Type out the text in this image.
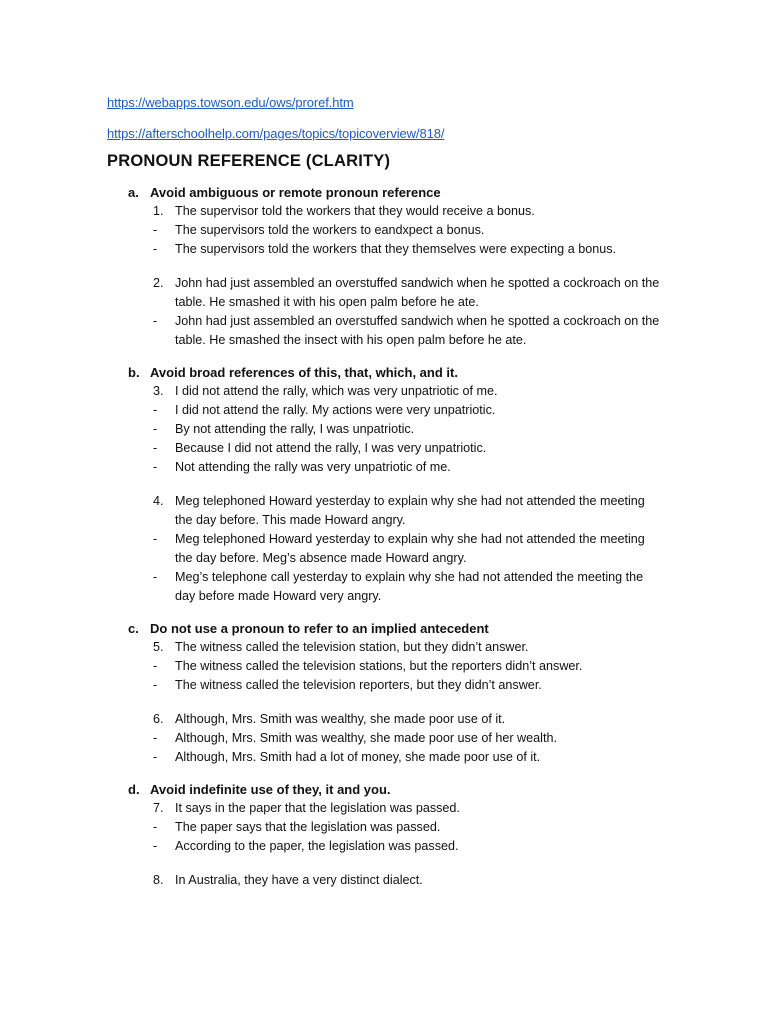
https://webapps.towson.edu/ows/proref.htm
https://afterschoolhelp.com/pages/topics/topicoverview/818/
PRONOUN REFERENCE (CLARITY)
a. Avoid ambiguous or remote pronoun reference
1. The supervisor told the workers that they would receive a bonus.
-	The supervisors told the workers to eandxpect a bonus.
-	The supervisors told the workers that they themselves were expecting a bonus.
2. John had just assembled an overstuffed sandwich when he spotted a cockroach on the table. He smashed it with his open palm before he ate.
-	John had just assembled an overstuffed sandwich when he spotted a cockroach on the table. He smashed the insect with his open palm before he ate.
b. Avoid broad references of this, that, which, and it.
3. I did not attend the rally, which was very unpatriotic of me.
-	I did not attend the rally. My actions were very unpatriotic.
-	By not attending the rally, I was unpatriotic.
-	Because I did not attend the rally, I was very unpatriotic.
-	Not attending the rally was very unpatriotic of me.
4. Meg telephoned Howard yesterday to explain why she had not attended the meeting the day before. This made Howard angry.
-	Meg telephoned Howard yesterday to explain why she had not attended the meeting the day before. Meg’s absence made Howard angry.
-	Meg’s telephone call yesterday to explain why she had not attended the meeting the day before made Howard very angry.
c. Do not use a pronoun to refer to an implied antecedent
5. The witness called the television station, but they didn’t answer.
-	The witness called the television stations, but the reporters didn’t answer.
-	The witness called the television reporters, but they didn’t answer.
6. Although, Mrs. Smith was wealthy, she made poor use of it.
-	Although, Mrs. Smith was wealthy, she made poor use of her wealth.
-	Although, Mrs. Smith had a lot of money, she made poor use of it.
d. Avoid indefinite use of they, it and you.
7. It says in the paper that the legislation was passed.
-	The paper says that the legislation was passed.
-	According to the paper, the legislation was passed.
8. In Australia, they have a very distinct dialect.
